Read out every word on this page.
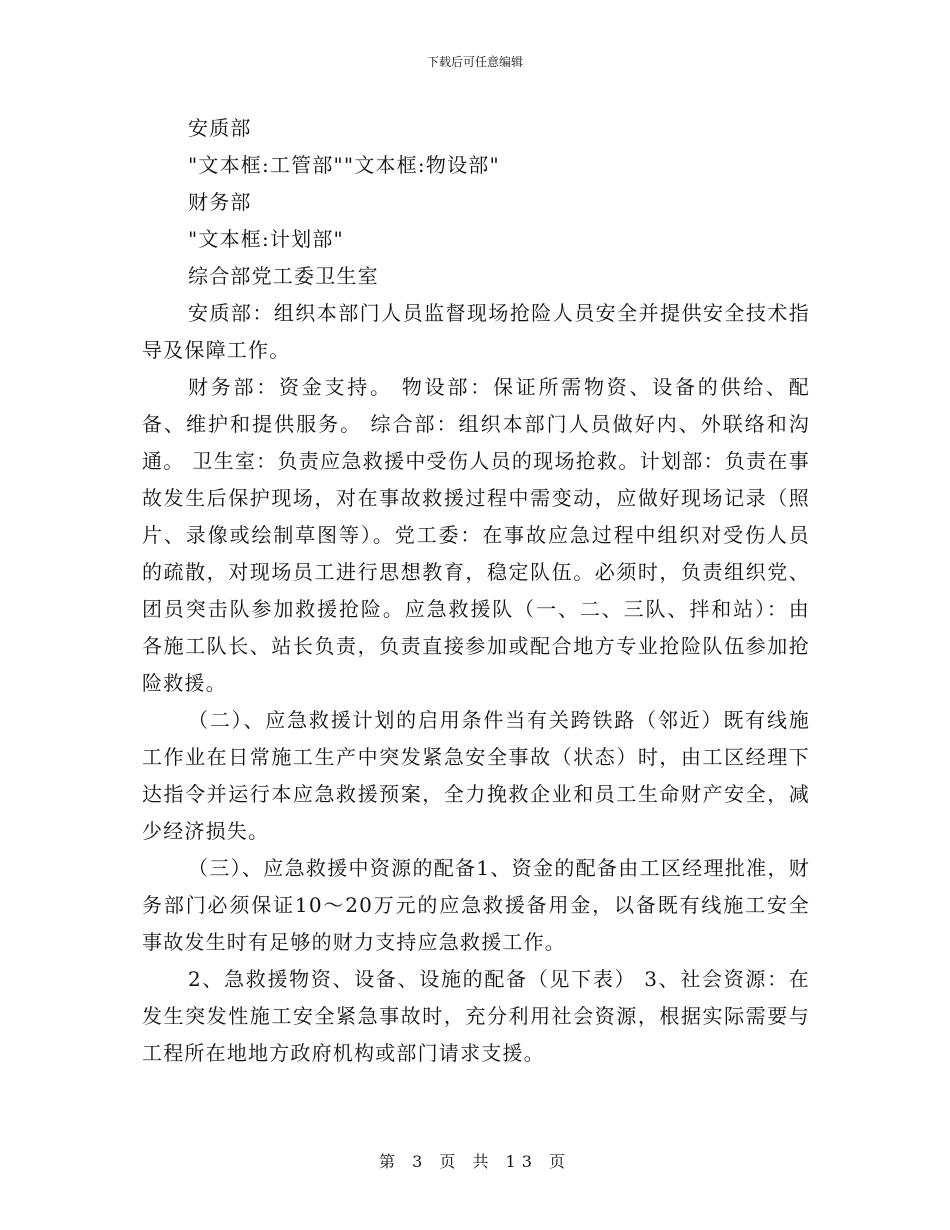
下载后可任意编辑

安质部

"文本框:工管部""文本框:物设部"

财务部

"文本框:计划部"

综合部党工委卫生室

安质部：组织本部门人员监督现场抢险人员安全并提供安全技术指导及保障工作。

财务部：资金支持。 物设部：保证所需物资、设备的供给、配备、维护和提供服务。 综合部：组织本部门人员做好内、外联络和沟通。 卫生室：负责应急救援中受伤人员的现场抢救。计划部：负责在事故发生后保护现场，对在事故救援过程中需变动，应做好现场记录（照片、录像或绘制草图等）。党工委：在事故应急过程中组织对受伤人员的疏散，对现场员工进行思想教育，稳定队伍。必须时，负责组织党、团员突击队参加救援抢险。应急救援队（一、二、三队、拌和站）：由各施工队长、站长负责，负责直接参加或配合地方专业抢险队伍参加抢险救援。

（二）、应急救援计划的启用条件当有关跨铁路（邻近）既有线施工作业在日常施工生产中突发紧急安全事故（状态）时，由工区经理下达指令并运行本应急救援预案，全力挽救企业和员工生命财产安全，减少经济损失。

（三）、应急救援中资源的配备1、资金的配备由工区经理批准，财务部门必须保证10～20万元的应急救援备用金，以备既有线施工安全事故发生时有足够的财力支持应急救援工作。

2、急救援物资、设备、设施的配备（见下表） 3、社会资源：在发生突发性施工安全紧急事故时，充分利用社会资源，根据实际需要与工程所在地地方政府机构或部门请求支援。

第 3 页 共 13 页
